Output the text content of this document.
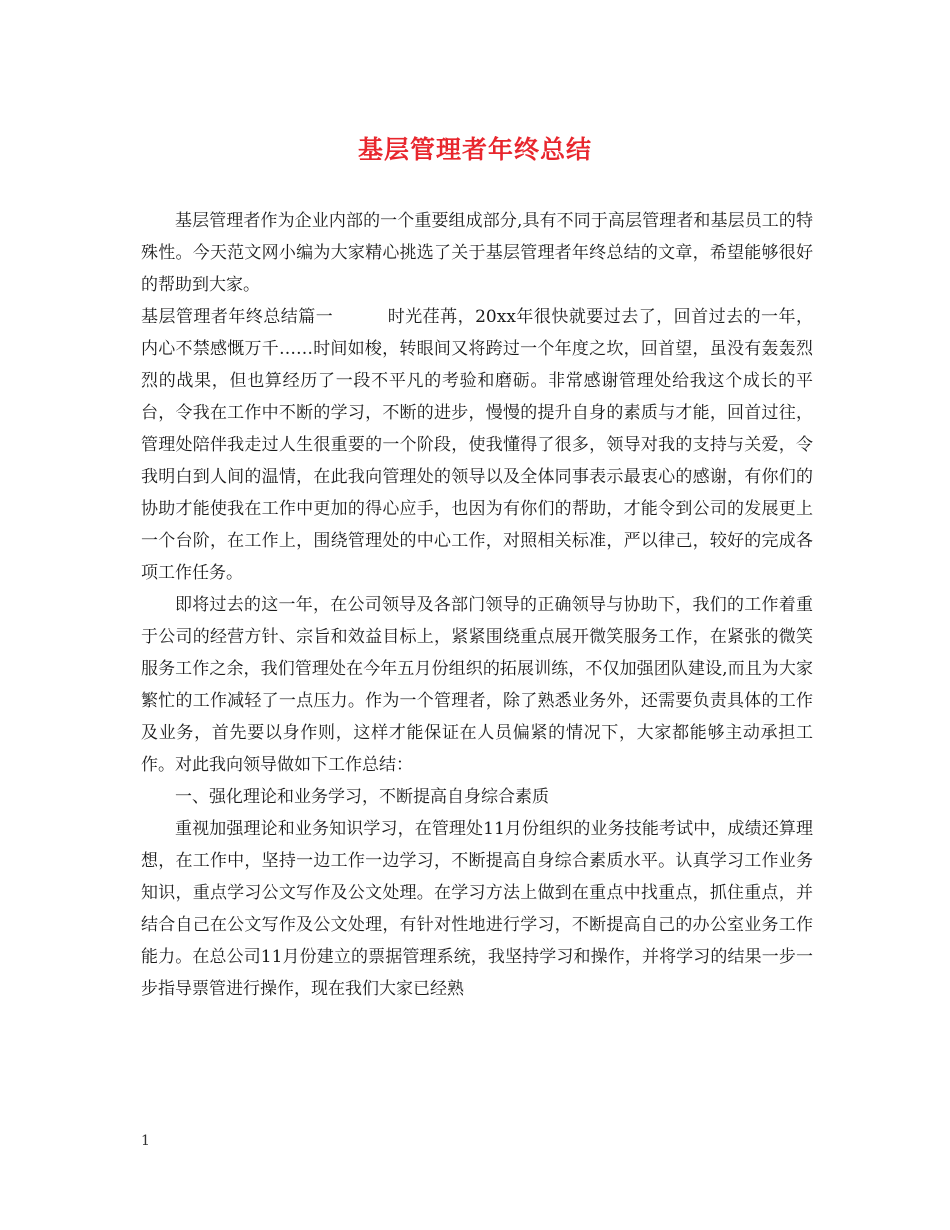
基层管理者年终总结

基层管理者作为企业内部的一个重要组成部分,具有不同于高层管理者和基层员工的特殊性。今天范文网小编为大家精心挑选了关于基层管理者年终总结的文章，希望能够很好的帮助到大家。

基层管理者年终总结篇一	时光荏苒，20xx年很快就要过去了，回首过去的一年，内心不禁感慨万千……时间如梭，转眼间又将跨过一个年度之坎，回首望，虽没有轰轰烈烈的战果，但也算经历了一段不平凡的考验和磨砺。非常感谢管理处给我这个成长的平台，令我在工作中不断的学习，不断的进步，慢慢的提升自身的素质与才能，回首过往，管理处陪伴我走过人生很重要的一个阶段，使我懂得了很多，领导对我的支持与关爱，令我明白到人间的温情，在此我向管理处的领导以及全体同事表示最衷心的感谢，有你们的协助才能使我在工作中更加的得心应手，也因为有你们的帮助，才能令到公司的发展更上一个台阶，在工作上，围绕管理处的中心工作，对照相关标准，严以律己，较好的完成各项工作任务。

即将过去的这一年，在公司领导及各部门领导的正确领导与协助下，我们的工作着重于公司的经营方针、宗旨和效益目标上，紧紧围绕重点展开微笑服务工作，在紧张的微笑服务工作之余，我们管理处在今年五月份组织的拓展训练，不仅加强团队建设,而且为大家繁忙的工作减轻了一点压力。作为一个管理者，除了熟悉业务外，还需要负责具体的工作及业务，首先要以身作则，这样才能保证在人员偏紧的情况下，大家都能够主动承担工作。对此我向领导做如下工作总结：

一、强化理论和业务学习，不断提高自身综合素质

重视加强理论和业务知识学习，在管理处11月份组织的业务技能考试中，成绩还算理想，在工作中，坚持一边工作一边学习，不断提高自身综合素质水平。认真学习工作业务知识，重点学习公文写作及公文处理。在学习方法上做到在重点中找重点，抓住重点，并结合自己在公文写作及公文处理，有针对性地进行学习，不断提高自己的办公室业务工作能力。在总公司11月份建立的票据管理系统，我坚持学习和操作，并将学习的结果一步一步指导票管进行操作，现在我们大家已经熟

1
